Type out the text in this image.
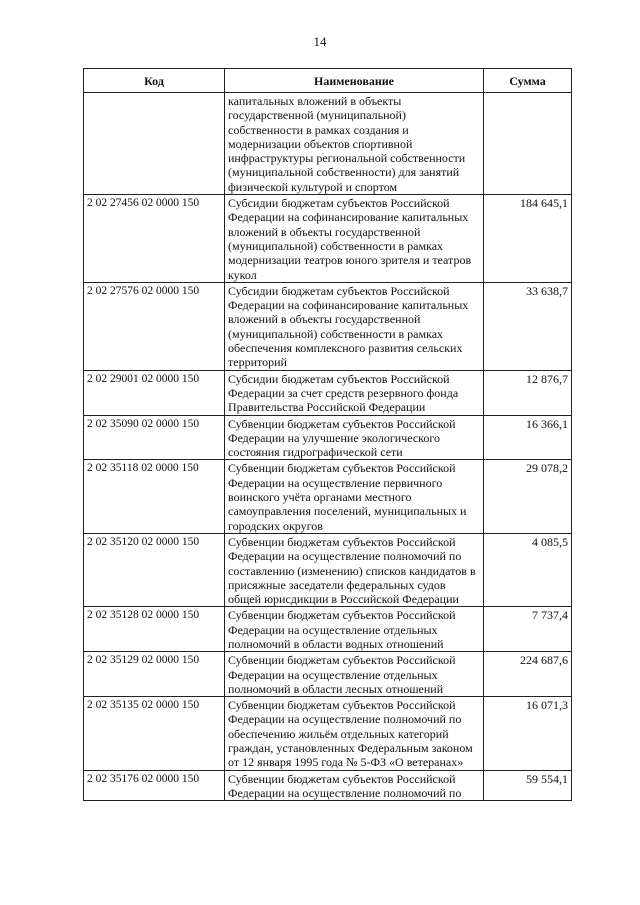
14
Код	Наименование	Сумма
	капитальных вложений в объекты государственной (муниципальной) собственности в рамках создания и модернизации объектов спортивной инфраструктуры региональной собственности (муниципальной собственности) для занятий физической культурой и спортом	
2 02 27456 02 0000 150	Субсидии бюджетам субъектов Российской Федерации на софинансирование капитальных вложений в объекты государственной (муниципальной) собственности в рамках модернизации театров юного зрителя и театров кукол	184 645,1
2 02 27576 02 0000 150	Субсидии бюджетам субъектов Российской Федерации на софинансирование капитальных вложений в объекты государственной (муниципальной) собственности в рамках обеспечения комплексного развития сельских территорий	33 638,7
2 02 29001 02 0000 150	Субсидии бюджетам субъектов Российской Федерации за счет средств резервного фонда Правительства Российской Федерации	12 876,7
2 02 35090 02 0000 150	Субвенции бюджетам субъектов Российской Федерации на улучшение экологического состояния гидрографической сети	16 366,1
2 02 35118 02 0000 150	Субвенции бюджетам субъектов Российской Федерации на осуществление первичного воинского учёта органами местного самоуправления поселений, муниципальных и городских округов	29 078,2
2 02 35120 02 0000 150	Субвенции бюджетам субъектов Российской Федерации на осуществление полномочий по составлению (изменению) списков кандидатов в присяжные заседатели федеральных судов общей юрисдикции в Российской Федерации	4 085,5
2 02 35128 02 0000 150	Субвенции бюджетам субъектов Российской Федерации на осуществление отдельных полномочий в области водных отношений	7 737,4
2 02 35129 02 0000 150	Субвенции бюджетам субъектов Российской Федерации на осуществление отдельных полномочий в области лесных отношений	224 687,6
2 02 35135 02 0000 150	Субвенции бюджетам субъектов Российской Федерации на осуществление полномочий по обеспечению жильём отдельных категорий граждан, установленных Федеральным законом от 12 января 1995 года № 5-ФЗ «О ветеранах»	16 071,3
2 02 35176 02 0000 150	Субвенции бюджетам субъектов Российской Федерации на осуществление полномочий по	59 554,1
